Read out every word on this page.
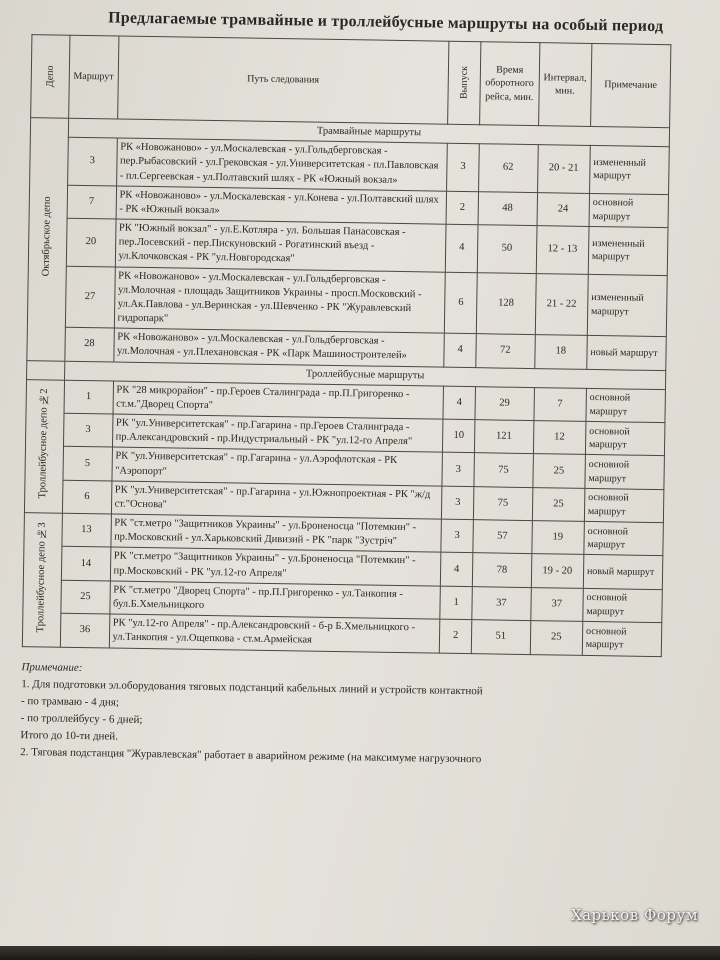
Предлагаемые трамвайные и троллейбусные маршруты на особый период
Депо	Маршрут	Путь следования	Выпуск	Время оборотного рейса, мин.	Интервал, мин.	Примечание
Октябрьское депо	Трамвайные маршруты					
	3	РК «Новожаново» - ул.Москалевская - ул.Гольдберговская - пер.Рыбасовский - ул.Грековская - ул.Университетская - пл.Павловская - пл.Сергеевская - ул.Полтавский шлях - РК «Южный вокзал»	3	62	20 - 21	измененный маршрут
	7	РК «Новожаново» - ул.Москалевская - ул.Конева - ул.Полтавский шлях - РК «Южный вокзал»	2	48	24	основной маршрут
	20	РК "Южный вокзал" - ул.Е.Котляра - ул. Большая Панасовская - пер.Лосевский - пер.Пискуновский - Рогатинский въезд - ул.Клочковская - РК "ул.Новгородская"	4	50	12 - 13	измененный маршрут
	27	РК «Новожаново» - ул.Москалевская - ул.Гольдберговская - ул.Молочная - площадь Защитников Украины - просп.Московский - ул.Ак.Павлова - ул.Веринская - ул.Шевченко - РК "Журавлевский гидропарк"	6	128	21 - 22	измененный маршрут
	28	РК «Новожаново» - ул.Москалевская - ул.Гольдберговская - ул.Молочная - ул.Плехановская - РК «Парк Машиностроителей»	4	72	18	новый маршрут
	Троллейбусные маршруты					
Троллейбусное депо №2	1	РК "28 микрорайон" - пр.Героев Сталинграда - пр.П.Григоренко - ст.м."Дворец Спорта"	4	29	7	основной маршрут
	3	РК "ул.Университетская" - пр.Гагарина - пр.Героев Сталинграда - пр.Александровский - пр.Индустриальный - РК "ул.12-го Апреля"	10	121	12	основной маршрут
	5	РК "ул.Университетская" - пр.Гагарина - ул.Аэрофлотская - РК "Аэропорт"	3	75	25	основной маршрут
	6	РК "ул.Университетская" - пр.Гагарина - ул.Южнопроектная - РК "ж/д ст."Основа"	3	75	25	основной маршрут
Троллейбусное депо №3	13	РК "ст.метро "Защитников Украины" - ул.Броненосца "Потемкин" - пр.Московский - ул.Харьковский Дивизий - РК "парк "Зустріч"	3	57	19	основной маршрут
	14	РК "ст.метро "Защитников Украины" - ул.Броненосца "Потемкин" - пр.Московский - РК "ул.12-го Апреля"	4	78	19 - 20	новый маршрут
	25	РК "ст.метро "Дворец Спорта" - пр.П.Григоренко - ул.Танкопия - бул.Б.Хмельницкого	1	37	37	основной маршрут
	36	РК "ул.12-го Апреля" - пр.Александровский - б-р Б.Хмельницкого - ул.Танкопия - ул.Ощепкова - ст.м.Армейская	2	51	25	основной маршрут

Примечание:

1. Для подготовки эл.оборудования тяговых подстанций кабельных линий и устройств контактной

- по трамваю - 4 дня;

- по троллейбусу - 6 дней;

Итого до 10-ти дней.

2. Тяговая подстанция "Журавлевская" работает в аварийном режиме (на максимуме нагрузочного

Харьков Форум
